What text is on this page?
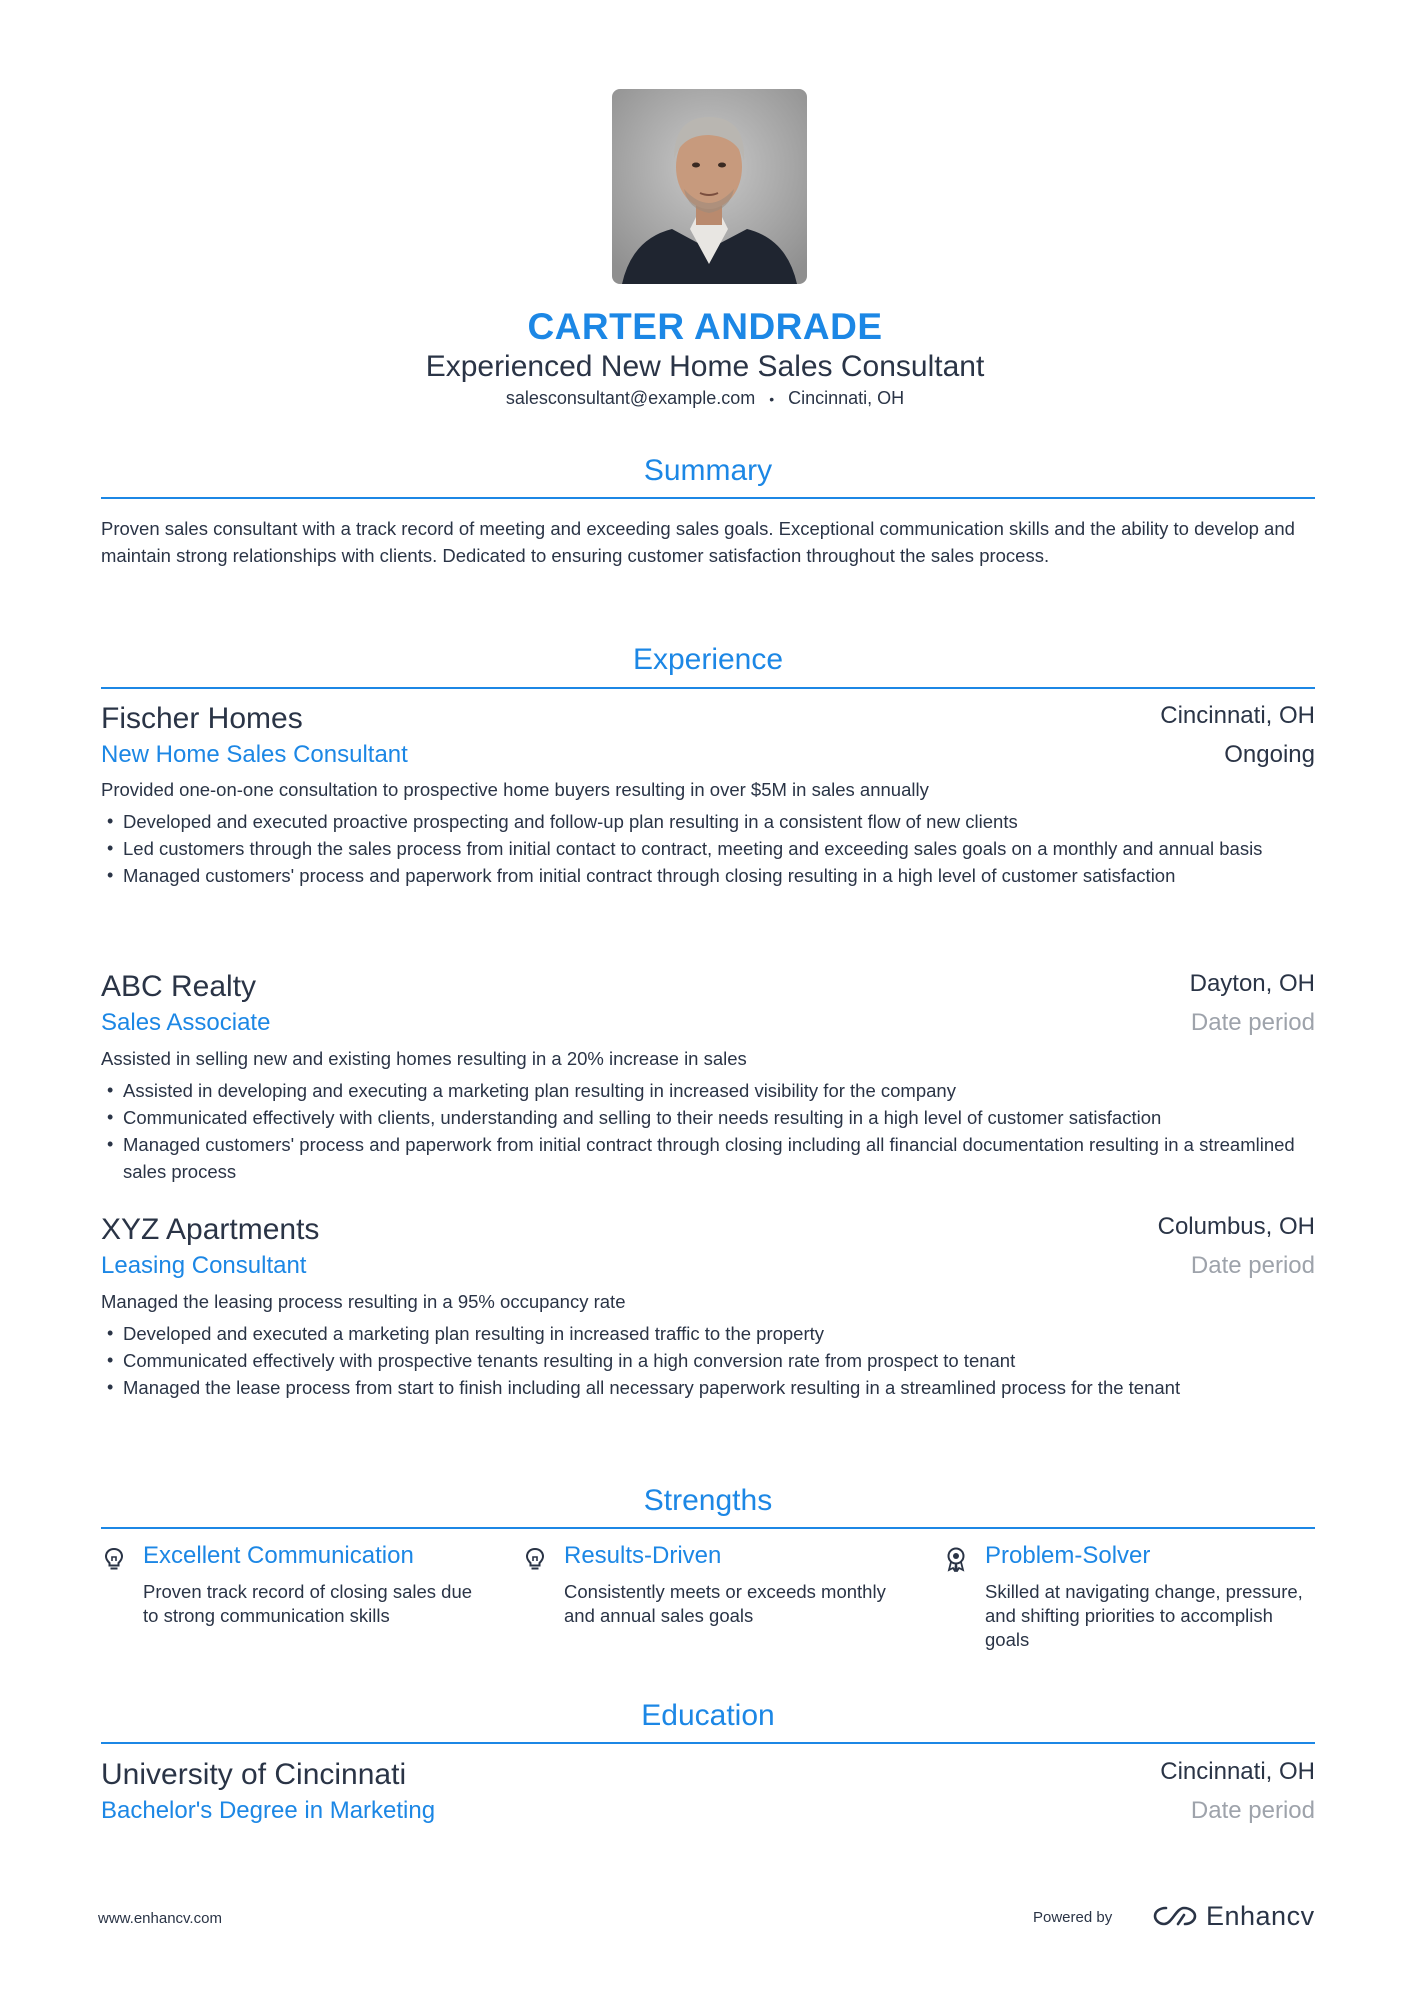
CARTER ANDRADE
Experienced New Home Sales Consultant
salesconsultant@example.com • Cincinnati, OH
Summary
Proven sales consultant with a track record of meeting and exceeding sales goals. Exceptional communication skills and the ability to develop and maintain strong relationships with clients. Dedicated to ensuring customer satisfaction throughout the sales process.
Experience
Fischer Homes	Cincinnati, OH
New Home Sales Consultant	Ongoing
Provided one-on-one consultation to prospective home buyers resulting in over $5M in sales annually
• Developed and executed proactive prospecting and follow-up plan resulting in a consistent flow of new clients
• Led customers through the sales process from initial contact to contract, meeting and exceeding sales goals on a monthly and annual basis
• Managed customers' process and paperwork from initial contract through closing resulting in a high level of customer satisfaction
ABC Realty	Dayton, OH
Sales Associate	Date period
Assisted in selling new and existing homes resulting in a 20% increase in sales
• Assisted in developing and executing a marketing plan resulting in increased visibility for the company
• Communicated effectively with clients, understanding and selling to their needs resulting in a high level of customer satisfaction
• Managed customers' process and paperwork from initial contract through closing including all financial documentation resulting in a streamlined sales process
XYZ Apartments	Columbus, OH
Leasing Consultant	Date period
Managed the leasing process resulting in a 95% occupancy rate
• Developed and executed a marketing plan resulting in increased traffic to the property
• Communicated effectively with prospective tenants resulting in a high conversion rate from prospect to tenant
• Managed the lease process from start to finish including all necessary paperwork resulting in a streamlined process for the tenant
Strengths
Excellent Communication
Proven track record of closing sales due to strong communication skills
Results-Driven
Consistently meets or exceeds monthly and annual sales goals
Problem-Solver
Skilled at navigating change, pressure, and shifting priorities to accomplish goals
Education
University of Cincinnati	Cincinnati, OH
Bachelor's Degree in Marketing	Date period
www.enhancv.com	Powered by	Enhancv
